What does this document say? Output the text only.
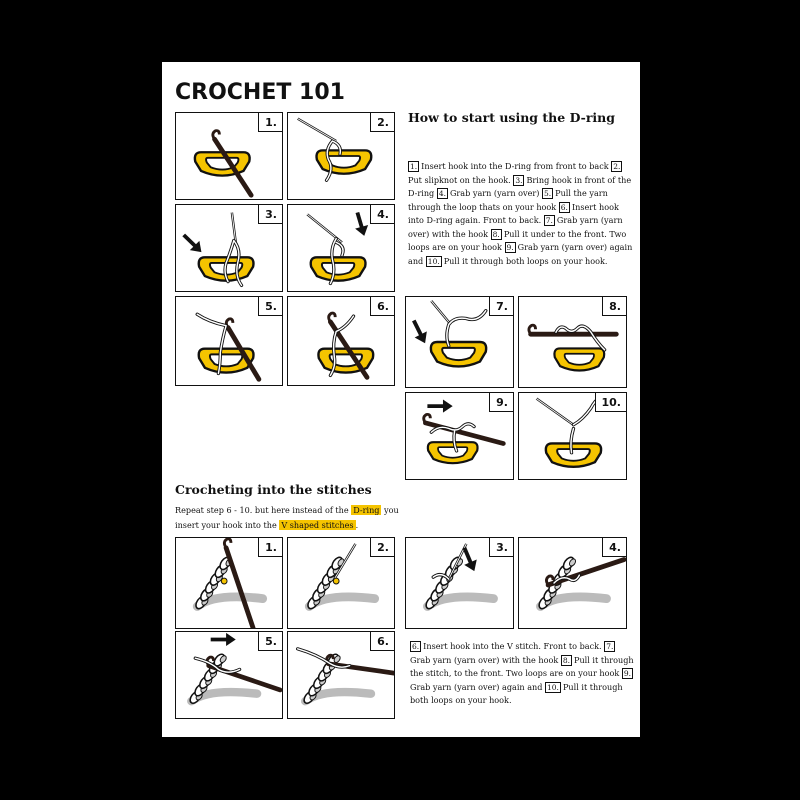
CROCHET 101
1.	2.
3.	4.
5.	6.	7.	8.
9.	10.
How to start using the D-ring

1. Insert hook into the D-ring from front to back 2.Put slipknot on the hook. 3. Bring hook in front of the D-ring 4. Grab yarn (yarn over) 5. Pull the yarn through the loop thats on your hook 6. Insert hook into D-ring again. Front to back. 7. Grab yarn (yarn over) with the hook 8. Pull it under to the front. Two loops are on your hook 9. Grab yarn (yarn over) again and 10. Pull it through both loops on your hook.

Crocheting into the stitches

Repeat step 6 - 10. but here instead of the D-ring you insert your hook into the V shaped stitches .

1.	2.	3.	4.
5.	6.	6. Insert hook into the V stitch. Front to back. 7.Grab yarn (yarn over) with the hook 8. Pull it through the stitch, to the front. Two loops are on your hook 9.Grab yarn (yarn over) again and 10. Pull it through both loops on your hook.
